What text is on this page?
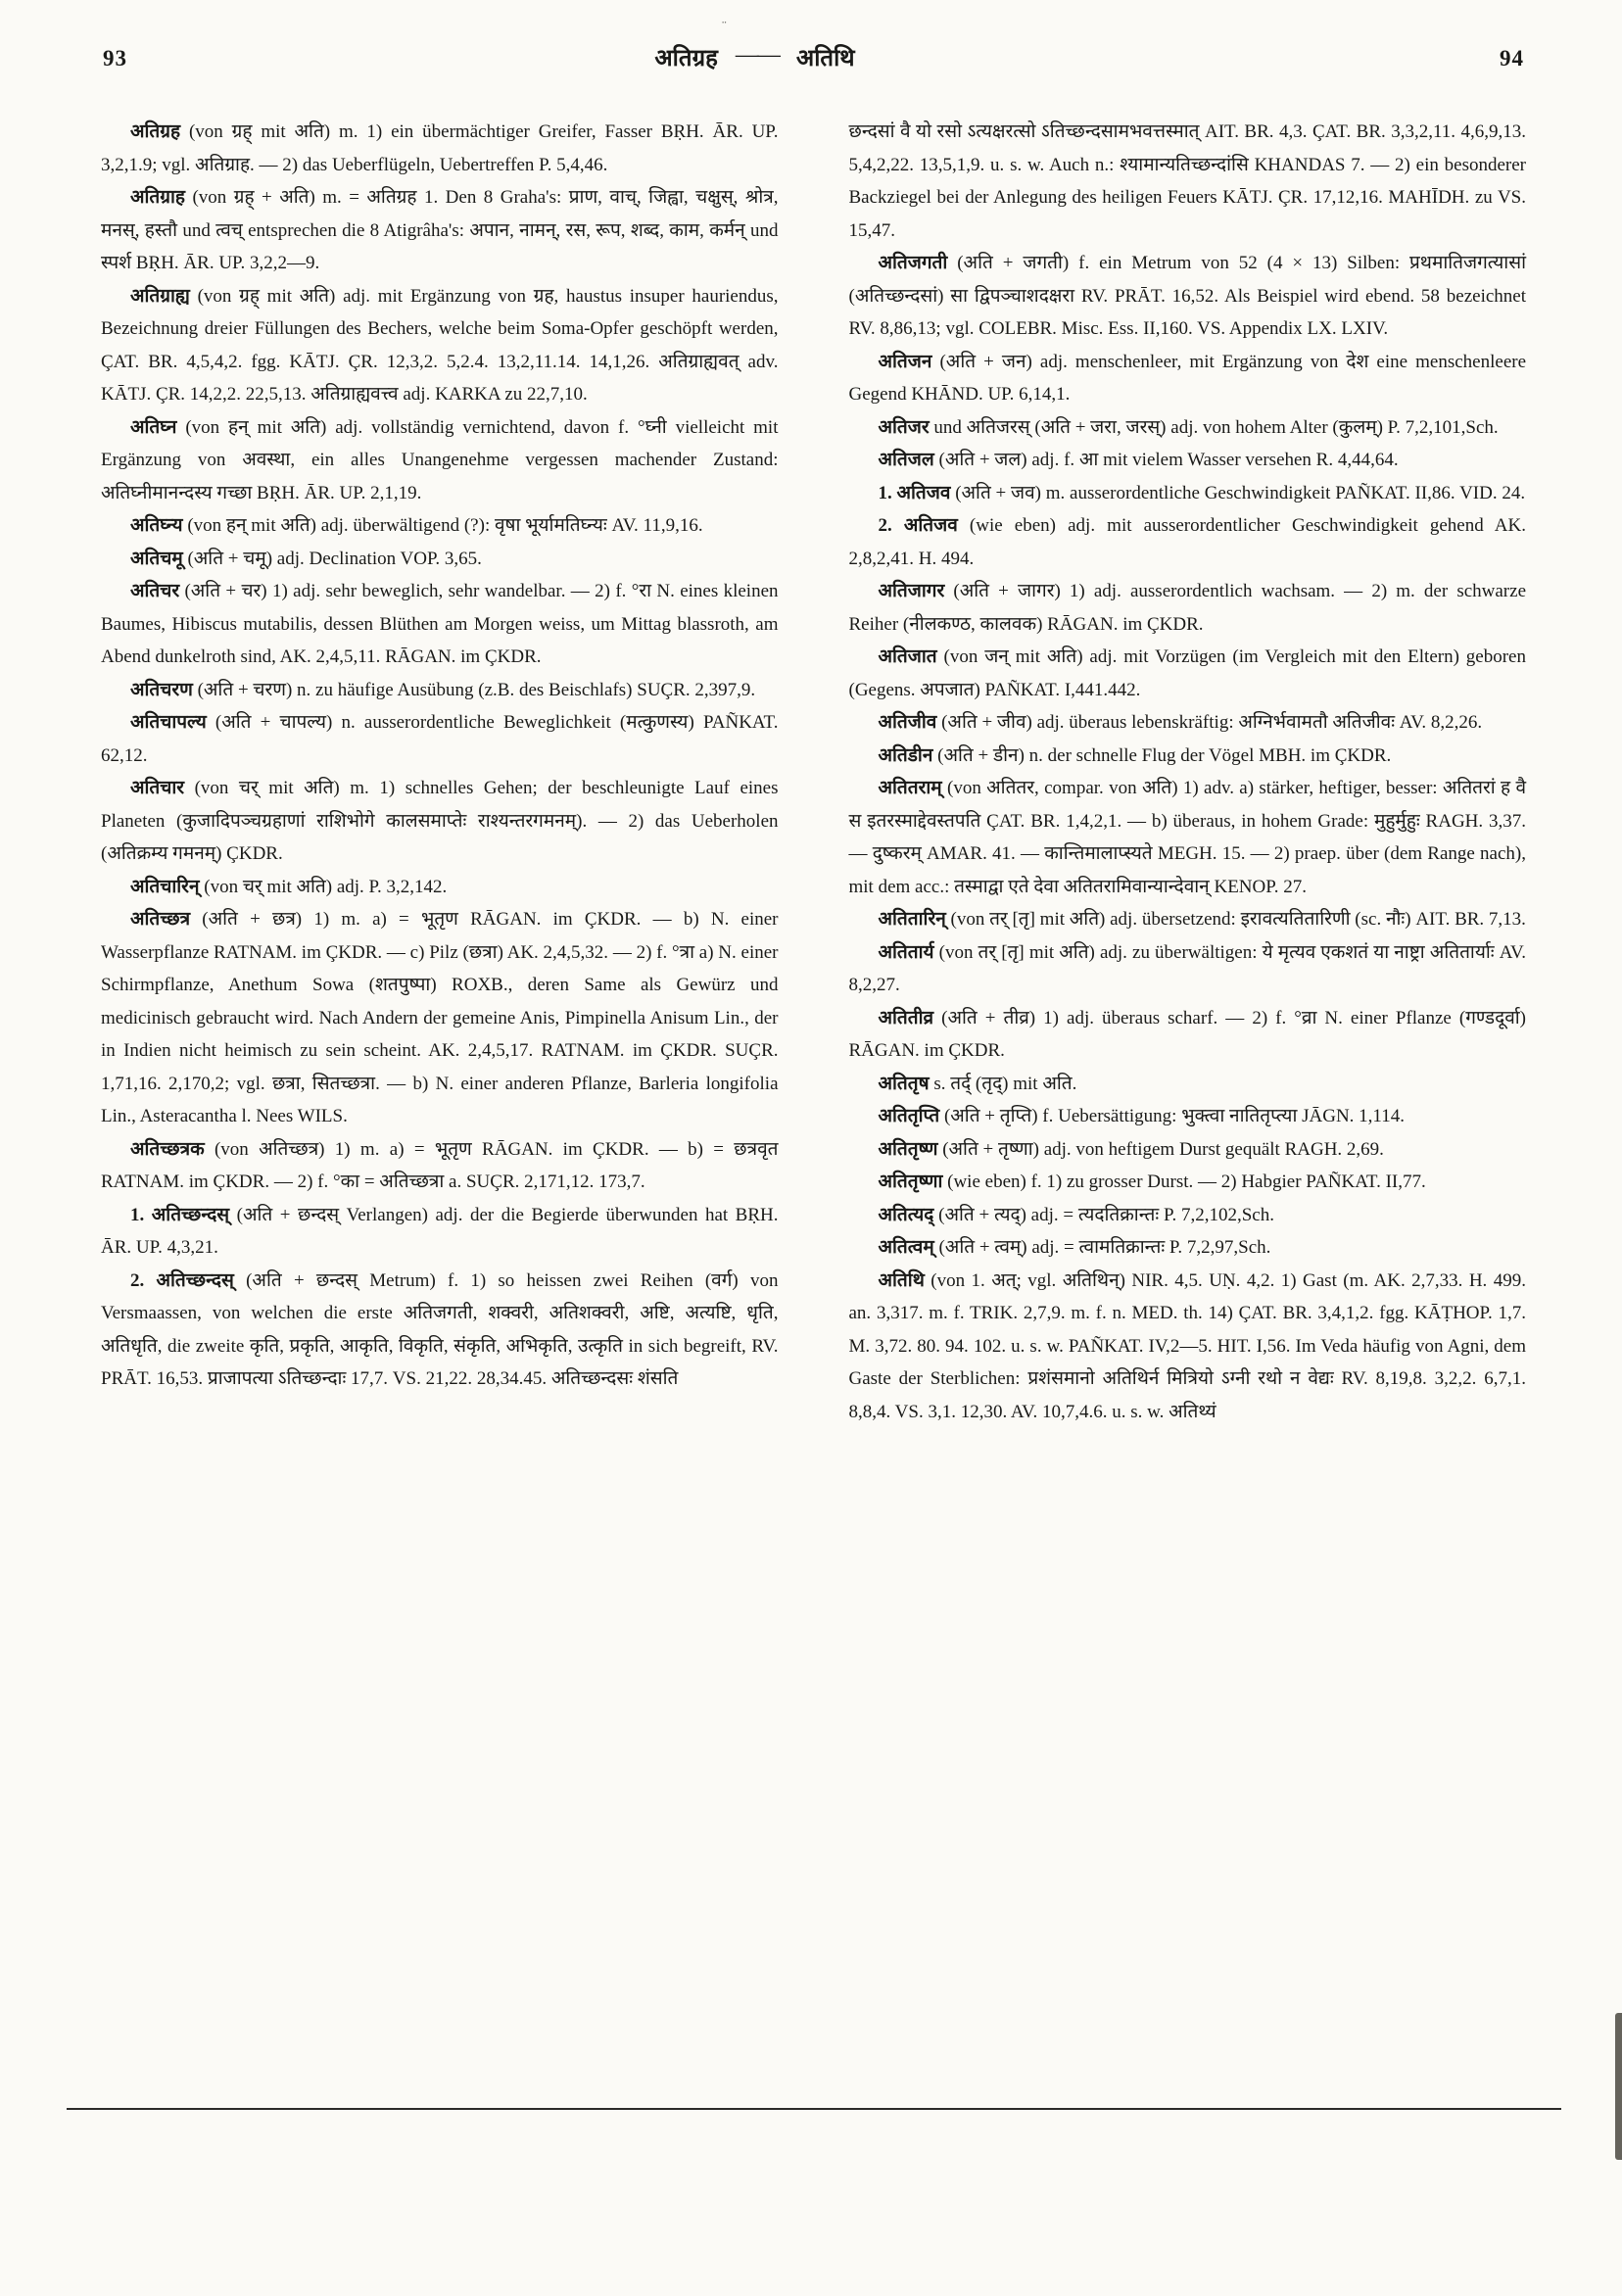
¨
93	अतिग्रह —— अतिथि	94

अतिग्रह (von ग्रह् mit अति) m. 1) ein übermächtiger Greifer, Fasser BṚH. ĀR. UP. 3,2,1.9; vgl. अतिग्राह. — 2) das Ueberflügeln, Uebertreffen P. 5,4,46.

अतिग्राह (von ग्रह् + अति) m. = अतिग्रह 1. Den 8 Graha's: प्राण, वाच्, जिह्वा, चक्षुस्, श्रोत्र, मनस्, हस्तौ und त्वच् entsprechen die 8 Atigrâha's: अपान, नामन्, रस, रूप, शब्द, काम, कर्मन् und स्पर्श BṚH. ĀR. UP. 3,2,2—9.

अतिग्राह्य (von ग्रह् mit अति) adj. mit Ergänzung von ग्रह, haustus insuper hauriendus, Bezeichnung dreier Füllungen des Bechers, welche beim Soma-Opfer geschöpft werden, ÇAT. BR. 4,5,4,2. fgg. KĀTJ. ÇR. 12,3,2. 5,2.4. 13,2,11.14. 14,1,26. अतिग्राह्यवत् adv. KĀTJ. ÇR. 14,2,2. 22,5,13. अतिग्राह्यवत्त्व adj. KARKA zu 22,7,10.

अतिघ्न (von हन् mit अति) adj. vollständig vernichtend, davon f. °घ्नी vielleicht mit Ergänzung von अवस्था, ein alles Unangenehme vergessen machender Zustand: अतिघ्नीमानन्दस्य गच्छा BṚH. ĀR. UP. 2,1,19.

अतिघ्न्य (von हन् mit अति) adj. überwältigend (?): वृषा भूर्यामतिघ्न्यः AV. 11,9,16.

अतिचमू (अति + चमू) adj. Declination VOP. 3,65.

अतिचर (अति + चर) 1) adj. sehr beweglich, sehr wandelbar. — 2) f. °रा N. eines kleinen Baumes, Hibiscus mutabilis, dessen Blüthen am Morgen weiss, um Mittag blassroth, am Abend dunkelroth sind, AK. 2,4,5,11. RĀGAN. im ÇKDR.

अतिचरण (अति + चरण) n. zu häufige Ausübung (z.B. des Beischlafs) SUÇR. 2,397,9.

अतिचापल्य (अति + चापल्य) n. ausserordentliche Beweglichkeit (मत्कुणस्य) PAÑKAT. 62,12.

अतिचार (von चर् mit अति) m. 1) schnelles Gehen; der beschleunigte Lauf eines Planeten (कुजादिपञ्चग्रहाणां राशिभोगे कालसमाप्तेः राश्यन्तरगमनम्). — 2) das Ueberholen (अतिक्रम्य गमनम्) ÇKDR.

अतिचारिन् (von चर् mit अति) adj. P. 3,2,142.

अतिच्छत्र (अति + छत्र) 1) m. a) = भूतृण RĀGAN. im ÇKDR. — b) N. einer Wasserpflanze RATNAM. im ÇKDR. — c) Pilz (छत्रा) AK. 2,4,5,32. — 2) f. °त्रा a) N. einer Schirmpflanze, Anethum Sowa (शतपुष्पा) ROXB., deren Same als Gewürz und medicinisch gebraucht wird. Nach Andern der gemeine Anis, Pimpinella Anisum Lin., der in Indien nicht heimisch zu sein scheint. AK. 2,4,5,17. RATNAM. im ÇKDR. SUÇR. 1,71,16. 2,170,2; vgl. छत्रा, सितच्छत्रा. — b) N. einer anderen Pflanze, Barleria longifolia Lin., Asteracantha l. Nees WILS.

अतिच्छत्रक (von अतिच्छत्र) 1) m. a) = भूतृण RĀGAN. im ÇKDR. — b) = छत्रवृत RATNAM. im ÇKDR. — 2) f. °का = अतिच्छत्रा a. SUÇR. 2,171,12. 173,7.

1. अतिच्छन्दस् (अति + छन्दस् Verlangen) adj. der die Begierde überwunden hat BṚH. ĀR. UP. 4,3,21.

2. अतिच्छन्दस् (अति + छन्दस् Metrum) f. 1) so heissen zwei Reihen (वर्ग) von Versmaassen, von welchen die erste अतिजगती, शक्वरी, अतिशक्वरी, अष्टि, अत्यष्टि, धृति, अतिधृति, die zweite कृति, प्रकृति, आकृति, विकृति, संकृति, अभिकृति, उत्कृति in sich begreift, RV. PRĀT. 16,53. प्राजापत्या ऽतिच्छन्दाः 17,7. VS. 21,22. 28,34.45. अतिच्छन्दसः शंसति

छन्दसां वै यो रसो ऽत्यक्षरत्सो ऽतिच्छन्दसामभवत्तस्मात् AIT. BR. 4,3. ÇAT. BR. 3,3,2,11. 4,6,9,13. 5,4,2,22. 13,5,1,9. u. s. w. Auch n.: श्यामान्यतिच्छन्दांसि KHANDAS 7. — 2) ein besonderer Backziegel bei der Anlegung des heiligen Feuers KĀTJ. ÇR. 17,12,16. MAHĪDH. zu VS. 15,47.

अतिजगती (अति + जगती) f. ein Metrum von 52 (4 × 13) Silben: प्रथमातिजगत्यासां (अतिच्छन्दसां) सा द्विपञ्चाशदक्षरा RV. PRĀT. 16,52. Als Beispiel wird ebend. 58 bezeichnet RV. 8,86,13; vgl. COLEBR. Misc. Ess. II,160. VS. Appendix LX. LXIV.

अतिजन (अति + जन) adj. menschenleer, mit Ergänzung von देश eine menschenleere Gegend KHĀND. UP. 6,14,1.

अतिजर und अतिजरस् (अति + जरा, जरस्) adj. von hohem Alter (कुलम्) P. 7,2,101,Sch.

अतिजल (अति + जल) adj. f. आ mit vielem Wasser versehen R. 4,44,64.

1. अतिजव (अति + जव) m. ausserordentliche Geschwindigkeit PAÑKAT. II,86. VID. 24.

2. अतिजव (wie eben) adj. mit ausserordentlicher Geschwindigkeit gehend AK. 2,8,2,41. H. 494.

अतिजागर (अति + जागर) 1) adj. ausserordentlich wachsam. — 2) m. der schwarze Reiher (नीलकण्ठ, कालवक) RĀGAN. im ÇKDR.

अतिजात (von जन् mit अति) adj. mit Vorzügen (im Vergleich mit den Eltern) geboren (Gegens. अपजात) PAÑKAT. I,441.442.

अतिजीव (अति + जीव) adj. überaus lebenskräftig: अग्निर्भवामतौ अतिजीवः AV. 8,2,26.

अतिडीन (अति + डीन) n. der schnelle Flug der Vögel MBH. im ÇKDR.

अतितराम् (von अतितर, compar. von अति) 1) adv. a) stärker, heftiger, besser: अतितरां ह वै स इतरस्माद्देवस्तपति ÇAT. BR. 1,4,2,1. — b) überaus, in hohem Grade: मुहुर्मुहुः RAGH. 3,37. — दुष्करम् AMAR. 41. — कान्तिमालाप्स्यते MEGH. 15. — 2) praep. über (dem Range nach), mit dem acc.: तस्माद्वा एते देवा अतितरामिवान्यान्देवान् KENOP. 27.

अतितारिन् (von तर् [तृ] mit अति) adj. übersetzend: इरावत्यतितारिणी (sc. नौः) AIT. BR. 7,13.

अतितार्य (von तर् [तृ] mit अति) adj. zu überwältigen: ये मृत्यव एकशतं या नाष्ट्रा अतितार्याः AV. 8,2,27.

अतितीव्र (अति + तीव्र) 1) adj. überaus scharf. — 2) f. °व्रा N. einer Pflanze (गण्डदूर्वा) RĀGAN. im ÇKDR.

अतितृष s. तर्द् (तृद्) mit अति.

अतितृप्ति (अति + तृप्ति) f. Uebersättigung: भुक्त्वा नातितृप्त्या JĀGN. 1,114.

अतितृष्ण (अति + तृष्णा) adj. von heftigem Durst gequält RAGH. 2,69.

अतितृष्णा (wie eben) f. 1) zu grosser Durst. — 2) Habgier PAÑKAT. II,77.

अतित्यद् (अति + त्यद्) adj. = त्यदतिक्रान्तः P. 7,2,102,Sch.

अतित्वम् (अति + त्वम्) adj. = त्वामतिक्रान्तः P. 7,2,97,Sch.

अतिथि (von 1. अत्; vgl. अतिथिन्) NIR. 4,5. UṆ. 4,2. 1) Gast (m. AK. 2,7,33. H. 499. an. 3,317. m. f. TRIK. 2,7,9. m. f. n. MED. th. 14) ÇAT. BR. 3,4,1,2. fgg. KĀṬHOP. 1,7. M. 3,72. 80. 94. 102. u. s. w. PAÑKAT. IV,2—5. HIT. I,56. Im Veda häufig von Agni, dem Gaste der Sterblichen: प्रशंसमानो अतिथिर्न मित्रियो ऽग्नी रथो न वेद्यः RV. 8,19,8. 3,2,2. 6,7,1. 8,8,4. VS. 3,1. 12,30. AV. 10,7,4.6. u. s. w. अतिथ्यं
